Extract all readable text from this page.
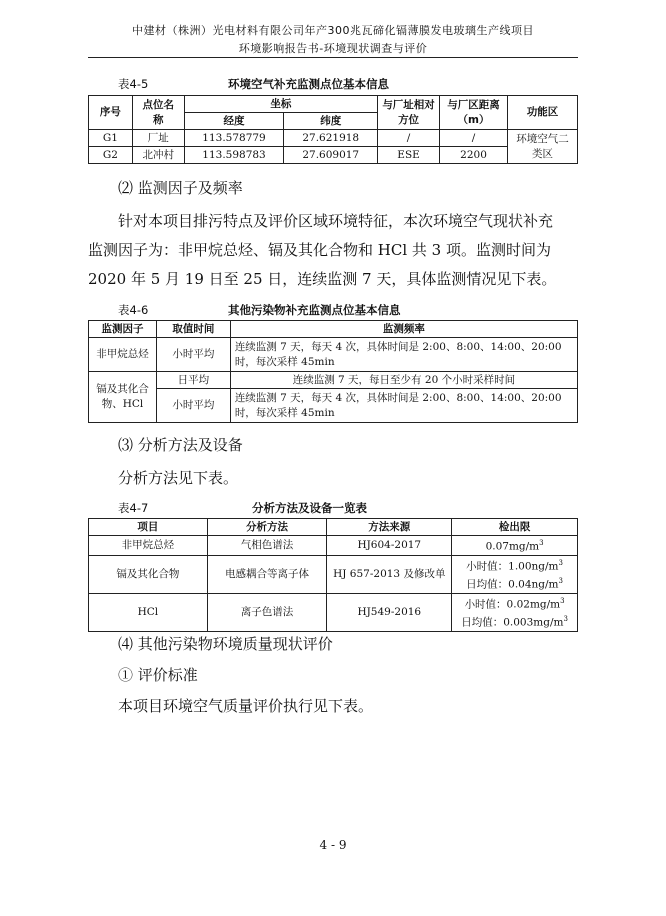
中建材（株洲）光电材料有限公司年产300兆瓦碲化镉薄膜发电玻璃生产线项目
环境影响报告书-环境现状调查与评价
表4-5	环境空气补充监测点位基本信息
序号	点位名称	坐标		与厂址相对方位	与厂区距离（m）	功能区
		经度	纬度			
G1	厂址	113.578779	27.621918	/	/	环境空气二类区
G2	北冲村	113.598783	27.609017	ESE	2200	
⑵ 监测因子及频率
针对本项目排污特点及评价区域环境特征，本次环境空气现状补充
监测因子为：非甲烷总烃、镉及其化合物和 HCl 共 3 项。监测时间为
2020 年 5 月 19 日至 25 日，连续监测 7 天，具体监测情况见下表。
表4-6	其他污染物补充监测点位基本信息
监测因子	取值时间	监测频率
非甲烷总烃	小时平均	连续监测 7 天，每天 4 次，具体时间是 2:00、8:00、14:00、20:00
时，每次采样 45min

镉及其化合物、HCl	日平均	连续监测 7 天，每日至少有 20 个小时采样时间
	小时平均	连续监测 7 天，每天 4 次，具体时间是 2:00、8:00、14:00、20:00
时，每次采样 45min
⑶ 分析方法及设备
分析方法见下表。
表4-7	分析方法及设备一览表
项目	分析方法	方法来源	检出限
非甲烷总烃	气相色谱法	HJ604-2017	$0.07mg/m^3$
镉及其化合物	电感耦合等离子体	HJ 657-2013 及修改单	小时值：$1.00ng/m^3$
日均值：$0.04ng/m^3$

HCl	离子色谱法	HJ549-2016	小时值：$0.02mg/m^3$
日均值：$0.003mg/m^3$
⑷ 其他污染物环境质量现状评价
① 评价标准
本项目环境空气质量评价执行见下表。
4 - 9
